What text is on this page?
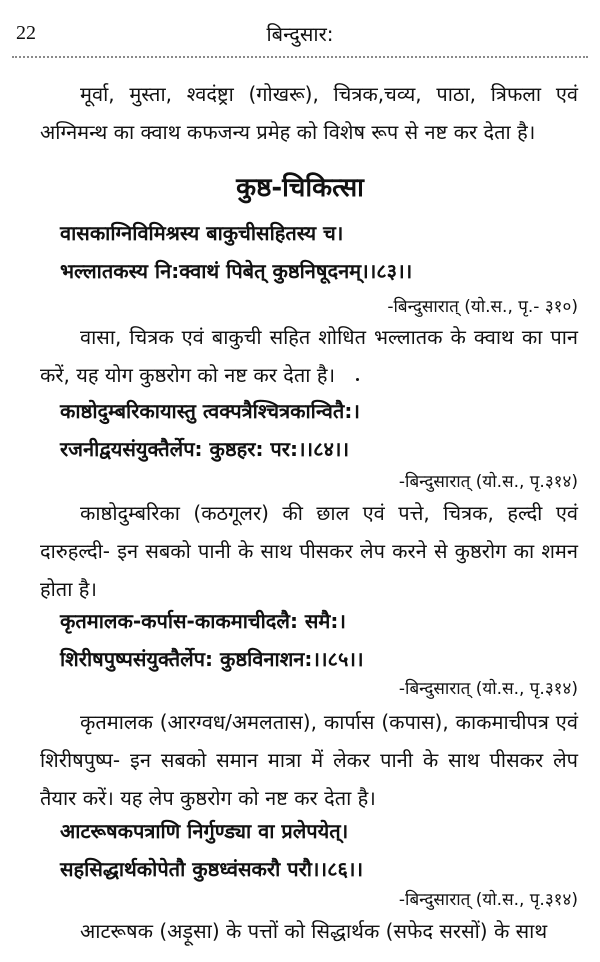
22	बिन्दुसार:

मूर्वा, मुस्ता, श्वदंष्ट्रा (गोखरू), चित्रक,चव्य, पाठा, त्रिफला एवं अग्निमन्थ का क्वाथ कफजन्य प्रमेह को विशेष रूप से नष्ट कर देता है।

कुष्ठ-चिकित्सा
वासकाग्निविमिश्रस्य बाकुचीसहितस्य च।
भल्लातकस्य नि:क्वाथं पिबेत् कुष्ठनिषूदनम्।।८३।।
-बिन्दुसारात् (यो.स., पृ.- ३१०)

वासा, चित्रक एवं बाकुची सहित शोधित भल्लातक के क्वाथ का पान करें, यह योग कुष्ठरोग को नष्ट कर देता है।

काष्ठोदुम्बरिकायास्तु त्वक्पत्रैश्चित्रकान्वितै:।
रजनीद्वयसंयुक्तैर्लेप: कुष्ठहर: पर:।।८४।।
-बिन्दुसारात् (यो.स., पृ.३१४)

काष्ठोदुम्बरिका (कठगूलर) की छाल एवं पत्ते, चित्रक, हल्दी एवं दारुहल्दी- इन सबको पानी के साथ पीसकर लेप करने से कुष्ठरोग का शमन होता है।

कृतमालक-कर्पास-काकमाचीदलै: समै:।
शिरीषपुष्पसंयुक्तैर्लेप: कुष्ठविनाशन:।।८५।।
-बिन्दुसारात् (यो.स., पृ.३१४)

कृतमालक (आरग्वध/अमलतास), कार्पास (कपास), काकमाचीपत्र एवं शिरीषपुष्प- इन सबको समान मात्रा में लेकर पानी के साथ पीसकर लेप तैयार करें। यह लेप कुष्ठरोग को नष्ट कर देता है।

आटरूषकपत्राणि निर्गुण्ड्या वा प्रलेपयेत्।
सहसिद्धार्थकोपेतौ कुष्ठध्वंसकरौ परौ।।८६।।
-बिन्दुसारात् (यो.स., पृ.३१४)

आटरूषक (अड़ूसा) के पत्तों को सिद्धार्थक (सफेद सरसों) के साथ
